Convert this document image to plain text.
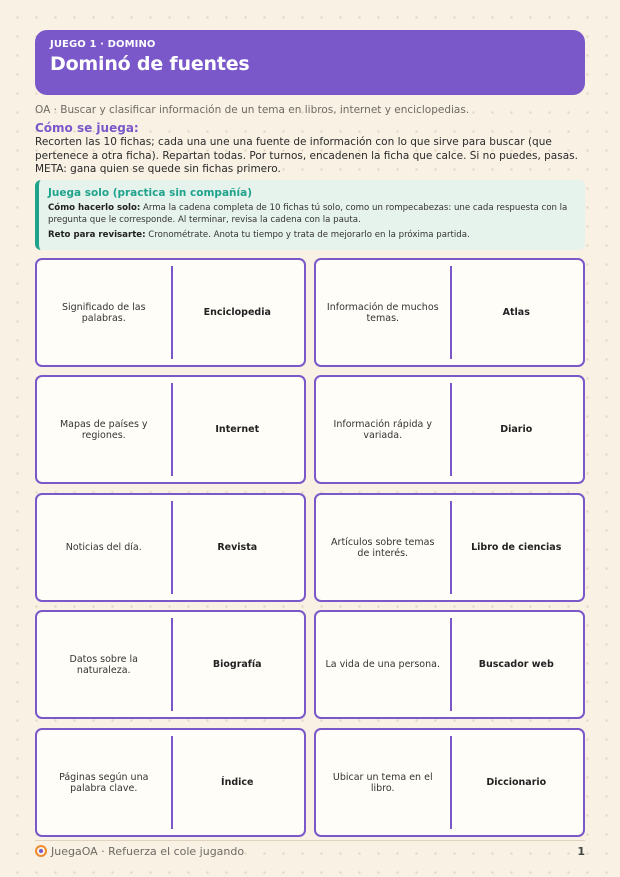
JUEGO 1 · DOMINO
Dominó de fuentes
OA · Buscar y clasificar información de un tema en libros, internet y enciclopedias.
Cómo se juega:
Recorten las 10 fichas; cada una une una fuente de información con lo que sirve para buscar (que pertenece a otra ficha). Repartan todas. Por turnos, encadenen la ficha que calce. Si no puedes, pasas. META: gana quien se quede sin fichas primero.
Juega solo (practica sin compañía)

Cómo hacerlo solo: Arma la cadena completa de 10 fichas tú solo, como un rompecabezas: une cada respuesta con la pregunta que le corresponde. Al terminar, revisa la cadena con la pauta.

Reto para revisarte: Cronométrate. Anota tu tiempo y trata de mejorarlo en la próxima partida.

Significado de las palabras.	Enciclopedia	Información de muchos temas.	Atlas
Mapas de países y regiones.	Internet	Información rápida y variada.	Diario
Noticias del día.	Revista	Artículos sobre temas de interés.	Libro de ciencias
Datos sobre la naturaleza.	Biografía	La vida de una persona.	Buscador web
Páginas según una palabra clave.	Índice	Ubicar un tema en el libro.	Diccionario
JuegaOA · Refuerza el cole jugando	1
